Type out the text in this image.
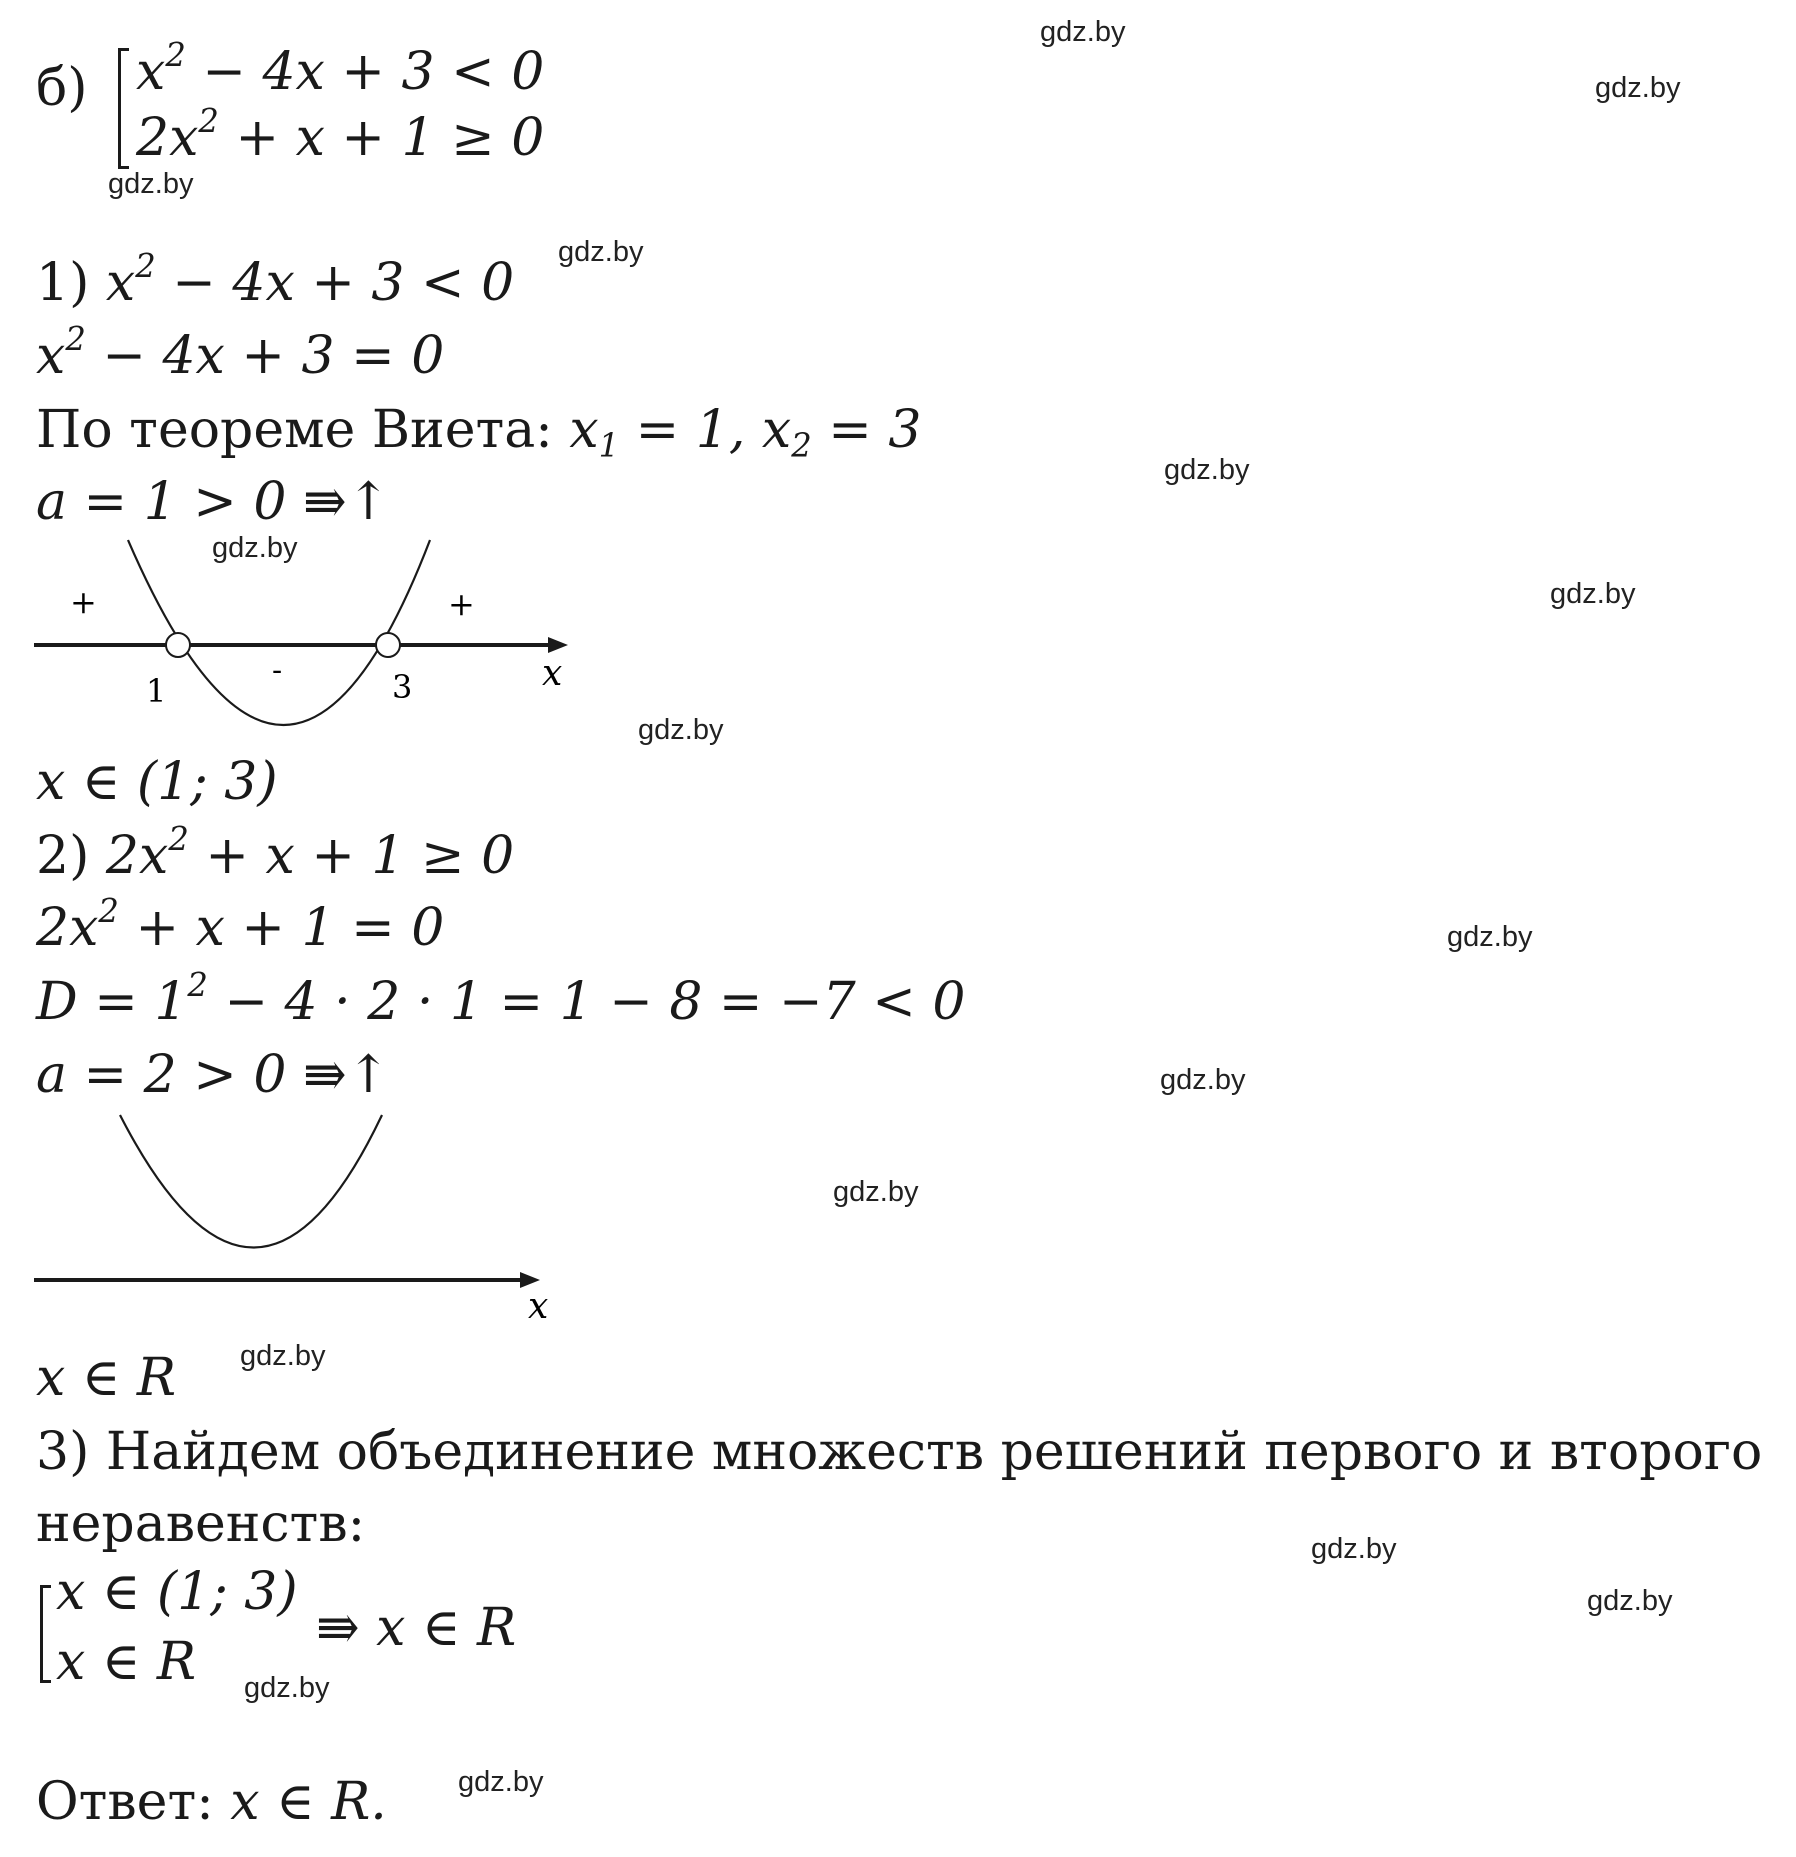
б) $x^2 - 4x + 3 < 0$
$2x^2 + x + 1 \ge 0$
1) $x^2 - 4x + 3 < 0$
$x^2 - 4x + 3 = 0$
По теореме Виета: $x_1 = 1$, $x_2 = 3$
a = 1 > 0 ⇛↑
+	+
-
1	3	x
x ∈ (1; 3)
2) $2x^2 + x + 1 \ge 0$
$2x^2 + x + 1 = 0$
$D = 1^2 - 4 \cdot 2 \cdot 1 = 1 - 8 = -7 < 0$
a = 2 > 0 ⇛↑
x
x ∈ R
3) Найдем объединение множеств решений первого и второго
неравенств:
x ∈ (1; 3)
x ∈ R
⇛ x ∈ R
Ответ: x ∈ R.
gdz.by
gdz.by
gdz.by
gdz.by
gdz.by
gdz.by
gdz.by
gdz.by
gdz.by
gdz.by
gdz.by
gdz.by
gdz.by
gdz.by
gdz.by
gdz.by
